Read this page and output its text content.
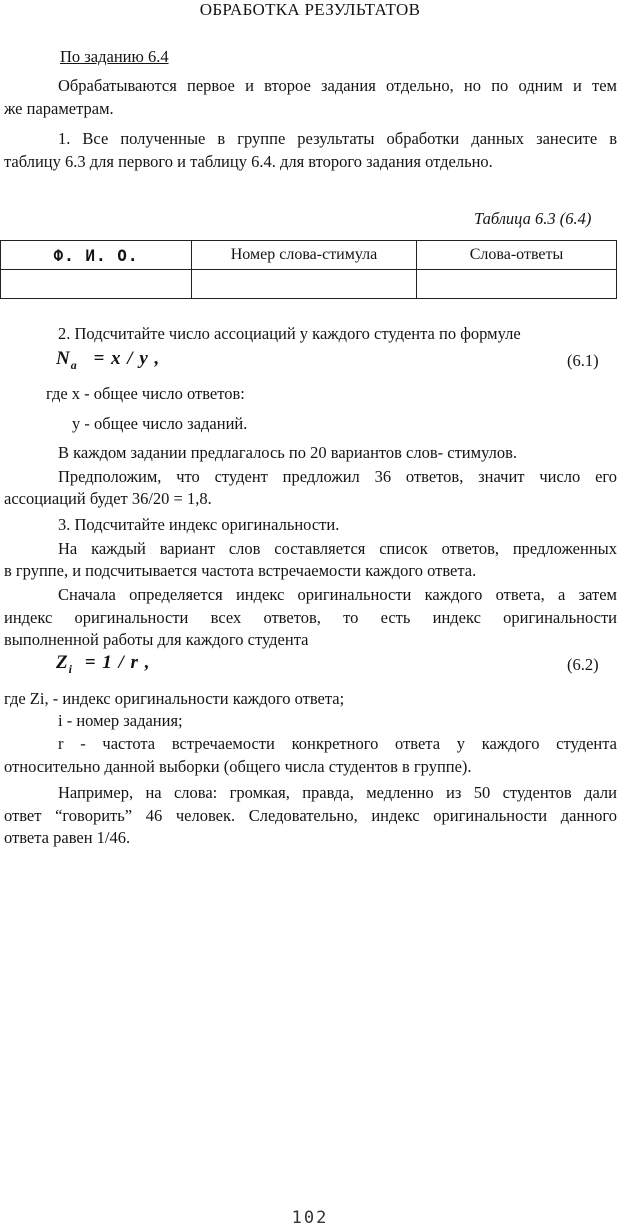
ОБРАБОТКА РЕЗУЛЬТАТОВ
По заданию 6.4
Обрабатываются первое и второе задания отдельно, но по одним и тем
же параметрам.
1. Все полученные в группе результаты обработки данных занесите в
таблицу 6.3 для первого и таблицу 6.4. для второго задания отдельно.
Таблица 6.3 (6.4)
Ф. И. О.	Номер слова-стимула	Слова-ответы

2. Подсчитайте число ассоциаций у каждого студента по формуле
$N_a = x / y$ ,	(6.1)
где x - общее число ответов:
y - общее число заданий.
В каждом задании предлагалось по 20 вариантов слов- стимулов.
Предположим, что студент предложил 36 ответов, значит число его
ассоциаций будет 36/20 = 1,8.
3. Подсчитайте индекс оригинальности.
На каждый вариант слов составляется список ответов, предложенных
в группе, и подсчитывается частота встречаемости каждого ответа.
Сначала определяется индекс оригинальности каждого ответа, а затем
индекс оригинальности всех ответов, то есть индекс оригинальности
выполненной работы для каждого студента
$Z_i = 1 / r$ ,	(6.2)
где Zi, - индекс оригинальности каждого ответа;
i - номер задания;
r - частота встречаемости конкретного ответа у каждого студента
относительно данной выборки (общего числа студентов в группе).
Например, на слова: громкая, правда, медленно из 50 студентов дали
ответ “говорить” 46 человек. Следовательно, индекс оригинальности данного
ответа равен 1/46.
102
